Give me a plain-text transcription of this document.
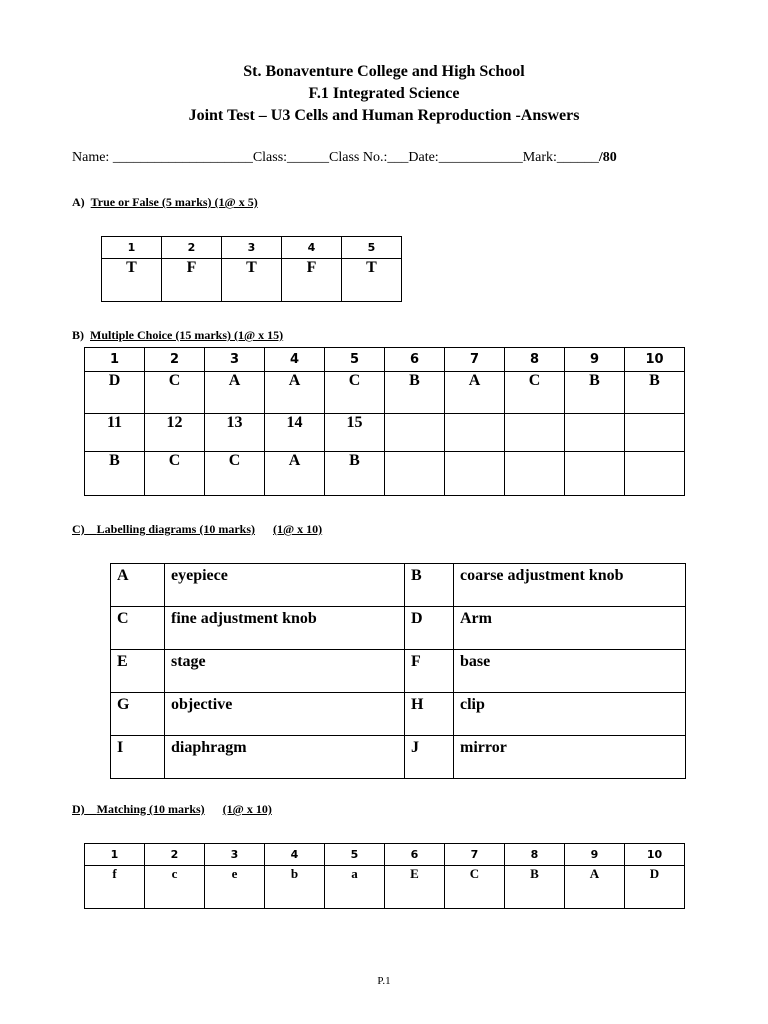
St. Bonaventure College and High School
F.1 Integrated Science
Joint Test – U3 Cells and Human Reproduction -Answers
Name: ____________________Class:______Class No.:___Date:____________Mark:______/80
A) True or False (5 marks) (1@ x 5)
1	2	3	4	5
T	F	T	F	T
B) Multiple Choice (15 marks) (1@ x 15)
1	2	3	4	5	6	7	8	9	10
D	C	A	A	C	B	A	C	B	B
11	12	13	14	15					
B	C	C	A	B					
C) Labelling diagrams (10 marks) (1@ x 10)
A	eyepiece	B	coarse adjustment knob
C	fine adjustment knob	D	Arm
E	stage	F	base
G	objective	H	clip
I	diaphragm	J	mirror
D) Matching (10 marks) (1@ x 10)
1	2	3	4	5	6	7	8	9	10
f	c	e	b	a	E	C	B	A	D
P.1
